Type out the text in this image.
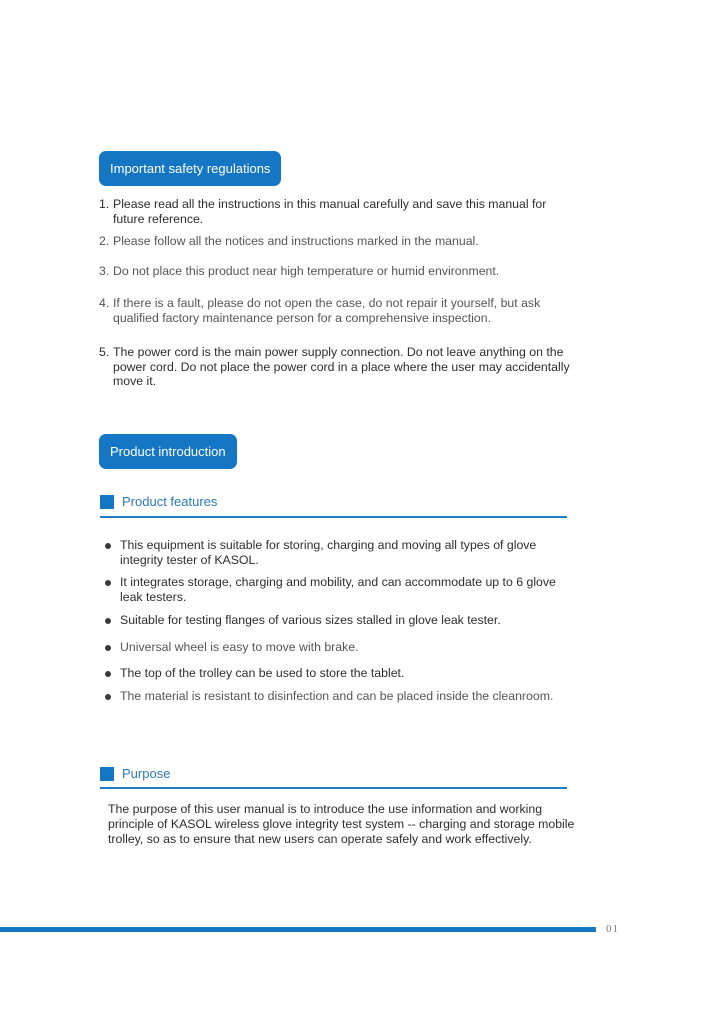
Important safety regulations
1. Please read all the instructions in this manual carefully and save this manual for future reference.
2. Please follow all the notices and instructions marked in the manual.
3. Do not place this product near high temperature or humid environment.
4. If there is a fault, please do not open the case, do not repair it yourself, but ask qualified factory maintenance person for a comprehensive inspection.
5. The power cord is the main power supply connection. Do not leave anything on the power cord. Do not place the power cord in a place where the user may accidentally move it.
Product introduction
Product features
This equipment is suitable for storing, charging and moving all types of glove integrity tester of KASOL.
It integrates storage, charging and mobility, and can accommodate up to 6 glove leak testers.
Suitable for testing flanges of various sizes stalled in glove leak tester.
Universal wheel is easy to move with brake.
The top of the trolley can be used to store the tablet.
The material is resistant to disinfection and can be placed inside the cleanroom.
Purpose
The purpose of this user manual is to introduce the use information and working principle of KASOL wireless glove integrity test system -- charging and storage mobile trolley, so as to ensure that new users can operate safely and work effectively.
01
